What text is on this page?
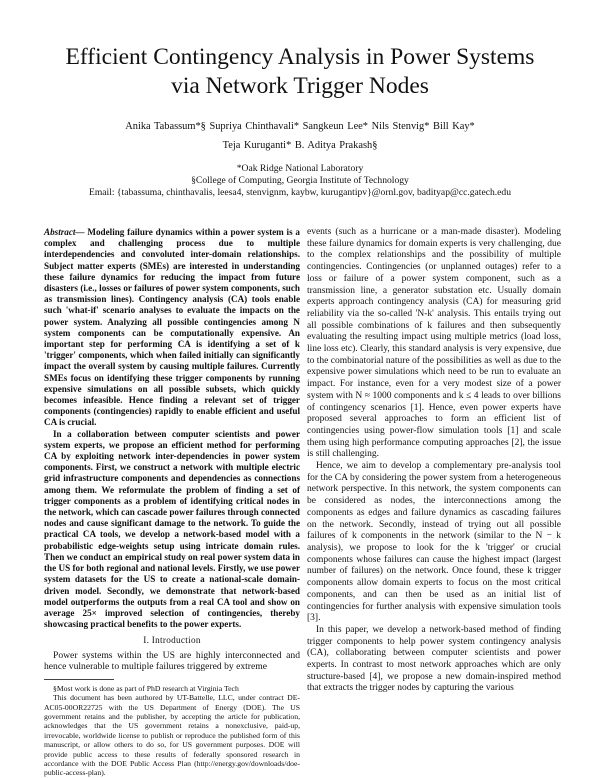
Efficient Contingency Analysis in Power Systems
via Network Trigger Nodes
Anika Tabassum*§ Supriya Chinthavali* Sangkeun Lee* Nils Stenvig* Bill Kay*
Teja Kuruganti* B. Aditya Prakash§
*Oak Ridge National Laboratory
§College of Computing, Georgia Institute of Technology
Email: {tabassuma, chinthavalis, leesa4, stenvignm, kaybw, kurugantipv}@ornl.gov, badityap@cc.gatech.edu

Abstract— Modeling failure dynamics within a power system is a complex and challenging process due to multiple interdependencies and convoluted inter-domain relationships. Subject matter experts (SMEs) are interested in understanding these failure dynamics for reducing the impact from future disasters (i.e., losses or failures of power system components, such as transmission lines). Contingency analysis (CA) tools enable such 'what-if' scenario analyses to evaluate the impacts on the power system. Analyzing all possible contingencies among N system components can be computationally expensive. An important step for performing CA is identifying a set of k 'trigger' components, which when failed initially can significantly impact the overall system by causing multiple failures. Currently SMEs focus on identifying these trigger components by running expensive simulations on all possible subsets, which quickly becomes infeasible. Hence finding a relevant set of trigger components (contingencies) rapidly to enable efficient and useful CA is crucial.

In a collaboration between computer scientists and power system experts, we propose an efficient method for performing CA by exploiting network inter-dependencies in power system components. First, we construct a network with multiple electric grid infrastructure components and dependencies as connections among them. We reformulate the problem of finding a set of trigger components as a problem of identifying critical nodes in the network, which can cascade power failures through connected nodes and cause significant damage to the network. To guide the practical CA tools, we develop a network-based model with a probabilistic edge-weights setup using intricate domain rules. Then we conduct an empirical study on real power system data in the US for both regional and national levels. Firstly, we use power system datasets for the US to create a national-scale domain-driven model. Secondly, we demonstrate that network-based model outperforms the outputs from a real CA tool and show on average 25× improved selection of contingencies, thereby showcasing practical benefits to the power experts.

I. Introduction

Power systems within the US are highly interconnected and hence vulnerable to multiple failures triggered by extreme

§Most work is done as part of PhD research at Virginia Tech

This document has been authored by UT-Battelle, LLC, under contract DE-AC05-00OR22725 with the US Department of Energy (DOE). The US government retains and the publisher, by accepting the article for publication, acknowledges that the US government retains a nonexclusive, paid-up, irrevocable, worldwide license to publish or reproduce the published form of this manuscript, or allow others to do so, for US government purposes. DOE will provide public access to these results of federally sponsored research in accordance with the DOE Public Access Plan (http://energy.gov/downloads/doe-public-access-plan).

events (such as a hurricane or a man-made disaster). Modeling these failure dynamics for domain experts is very challenging, due to the complex relationships and the possibility of multiple contingencies. Contingencies (or unplanned outages) refer to a loss or failure of a power system component, such as a transmission line, a generator substation etc. Usually domain experts approach contingency analysis (CA) for measuring grid reliability via the so-called 'N-k' analysis. This entails trying out all possible combinations of k failures and then subsequently evaluating the resulting impact using multiple metrics (load loss, line loss etc). Clearly, this standard analysis is very expensive, due to the combinatorial nature of the possibilities as well as due to the expensive power simulations which need to be run to evaluate an impact. For instance, even for a very modest size of a power system with N ≈ 1000 components and k ≤ 4 leads to over billions of contingency scenarios [1]. Hence, even power experts have proposed several approaches to form an efficient list of contingencies using power-flow simulation tools [1] and scale them using high performance computing approaches [2], the issue is still challenging.

Hence, we aim to develop a complementary pre-analysis tool for the CA by considering the power system from a heterogeneous network perspective. In this network, the system components can be considered as nodes, the interconnections among the components as edges and failure dynamics as cascading failures on the network. Secondly, instead of trying out all possible failures of k components in the network (similar to the N − k analysis), we propose to look for the k 'trigger' or crucial components whose failures can cause the highest impact (largest number of failures) on the network. Once found, these k trigger components allow domain experts to focus on the most critical components, and can then be used as an initial list of contingencies for further analysis with expensive simulation tools [3].

In this paper, we develop a network-based method of finding trigger components to help power system contingency analysis (CA), collaborating between computer scientists and power experts. In contrast to most network approaches which are only structure-based [4], we propose a new domain-inspired method that extracts the trigger nodes by capturing the various
